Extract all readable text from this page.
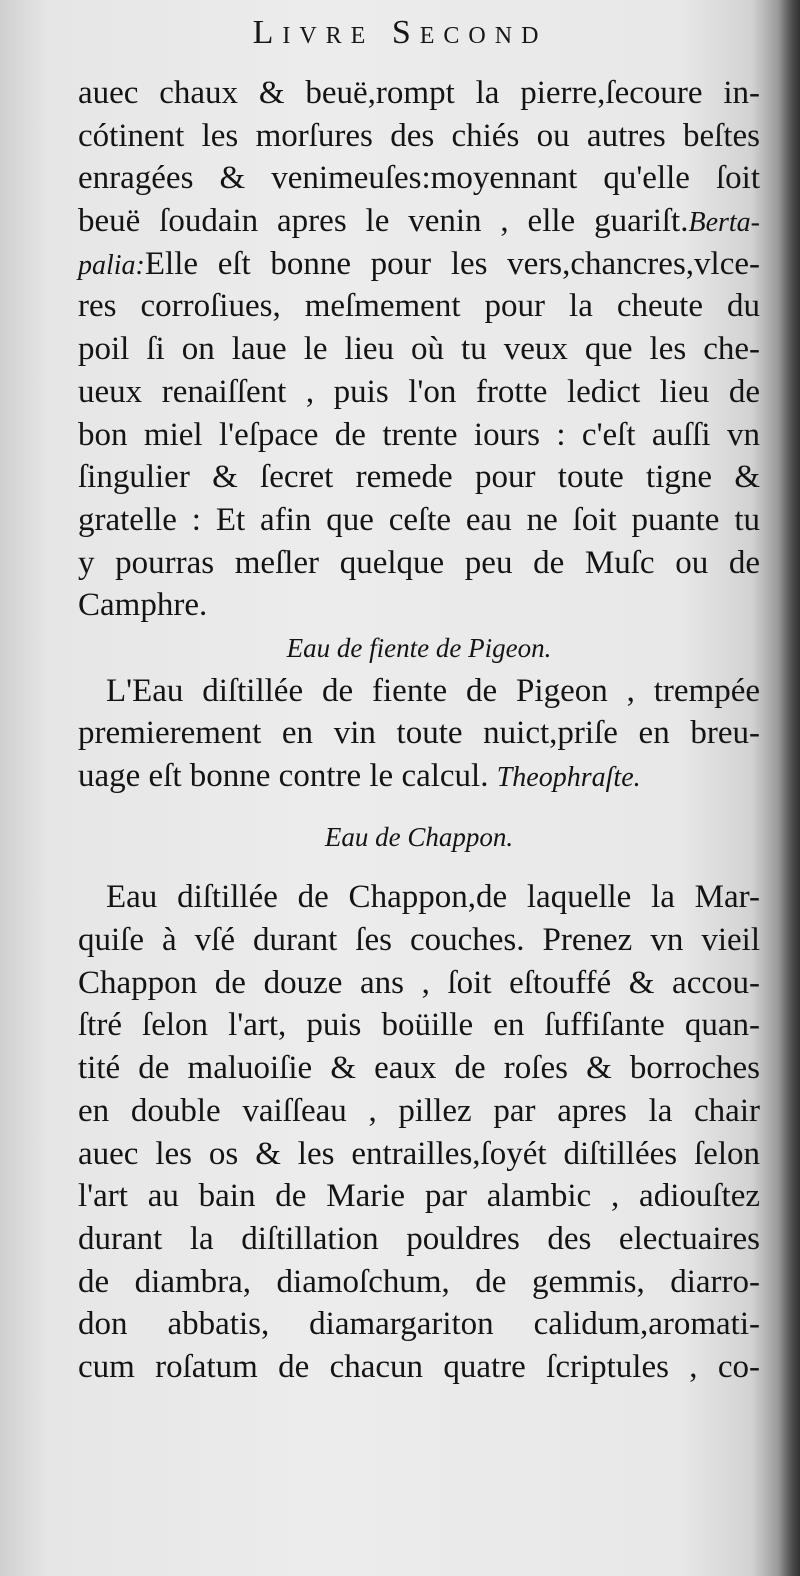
Livre Second
auec chaux & beuë,rompt la pierre,ſecoure in-
cótinent les morſures des chiés ou autres beſtes
enragées & venimeuſes:moyennant qu'elle ſoit
beuë ſoudain apres le venin , elle guariſt.Berta-
palia:Elle eſt bonne pour les vers,chancres,vlce-
res corroſiues, meſmement pour la cheute du
poil ſi on laue le lieu où tu veux que les che-
ueux renaiſſent , puis l'on frotte ledict lieu de
bon miel l'eſpace de trente iours : c'eſt auſſi vn
ſingulier & ſecret remede pour toute tigne &
gratelle : Et afin que ceſte eau ne ſoit puante tu
y pourras meſler quelque peu de Muſc ou de
Camphre.
Eau de fiente de Pigeon.
L'Eau diſtillée de fiente de Pigeon , trempée
premierement en vin toute nuict,priſe en breu-
uage eſt bonne contre le calcul. Theophraſte.
Eau de Chappon.
Eau diſtillée de Chappon,de laquelle la Mar-
quiſe à vſé durant ſes couches. Prenez vn vieil
Chappon de douze ans , ſoit eſtouffé & accou-
ſtré ſelon l'art, puis boüille en ſuffiſante quan-
tité de maluoiſie & eaux de roſes & borroches
en double vaiſſeau , pillez par apres la chair
auec les os & les entrailles,ſoyét diſtillées ſelon
l'art au bain de Marie par alambic , adiouſtez
durant la diſtillation pouldres des electuaires
de diambra, diamoſchum, de gemmis, diarro-
don abbatis, diamargariton calidum,aromati-
cum roſatum de chacun quatre ſcriptules , co-
